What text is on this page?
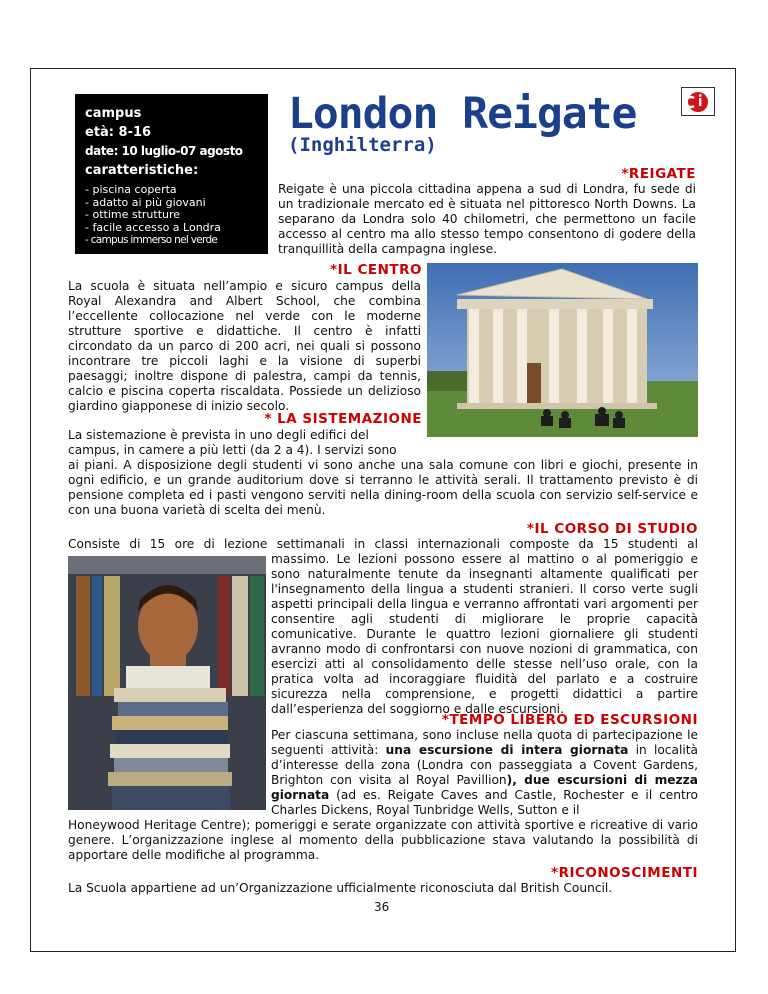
campus
età: 8-16
date: 10 luglio-07 agosto
caratteristiche:
- piscina coperta
- adatto ai più giovani
- ottime strutture
- facile accesso a Londra
- campus immerso nel verde
London Reigate
(Inghilterra)
*REIGATE

Reigate è una piccola cittadina appena a sud di Londra, fu sede di un tradizionale mercato ed è situata nel pittoresco North Downs. La separano da Londra solo 40 chilometri, che permettono un facile accesso al centro ma allo stesso tempo consentono di godere della tranquillità della campagna inglese.

*IL CENTRO

La scuola è situata nell’ampio e sicuro campus della Royal Alexandra and Albert School, che combina l’eccellente collocazione nel verde con le moderne strutture sportive e didattiche. Il centro è infatti circondato da un parco di 200 acri, nei quali si possono incontrare tre piccoli laghi e la visione di superbi paesaggi; inoltre dispone di palestra, campi da tennis, calcio e piscina coperta riscaldata. Possiede un delizioso giardino giapponese di inizio secolo.

* LA SISTEMAZIONE

La sistemazione è prevista in uno degli edifici del

campus, in camere a più letti (da 2 a 4). I servizi sono

ai piani. A disposizione degli studenti vi sono anche una sala comune con libri e giochi, presente in ogni edificio, e un grande auditorium dove si terranno le attività serali. Il trattamento previsto è di pensione completa ed i pasti vengono serviti nella dining-room della scuola con servizio self-service e con una buona varietà di scelta dei menù.

*IL CORSO DI STUDIO

Consiste di 15 ore di lezione settimanali in classi internazionali composte da 15 studenti al

massimo. Le lezioni possono essere al mattino o al pomeriggio e sono naturalmente tenute da insegnanti altamente qualificati per l'insegnamento della lingua a studenti stranieri. Il corso verte sugli aspetti principali della lingua e verranno affrontati vari argomenti per consentire agli studenti di migliorare le proprie capacità comunicative. Durante le quattro lezioni giornaliere gli studenti avranno modo di confrontarsi con nuove nozioni di grammatica, con esercizi atti al consolidamento delle stesse nell’uso orale, con la pratica volta ad incoraggiare fluidità del parlato e a costruire sicurezza nella comprensione, e progetti didattici a partire dall’esperienza del soggiorno e dalle escursioni.

*TEMPO LIBERO ED ESCURSIONI

Per ciascuna settimana, sono incluse nella quota di partecipazione le seguenti attività: una escursione di intera giornata in località d’interesse della zona (Londra con passeggiata a Covent Gardens, Brighton con visita al Royal Pavillion), due escursioni di mezza giornata (ad es. Reigate Caves and Castle, Rochester e il centro Charles Dickens, Royal Tunbridge Wells, Sutton e il

Honeywood Heritage Centre); pomeriggi e serate organizzate con attività sportive e ricreative di vario genere. L’organizzazione inglese al momento della pubblicazione stava valutando la possibilità di apportare delle modifiche al programma.

*RICONOSCIMENTI

La Scuola appartiene ad un’Organizzazione ufficialmente riconosciuta dal British Council.

36
